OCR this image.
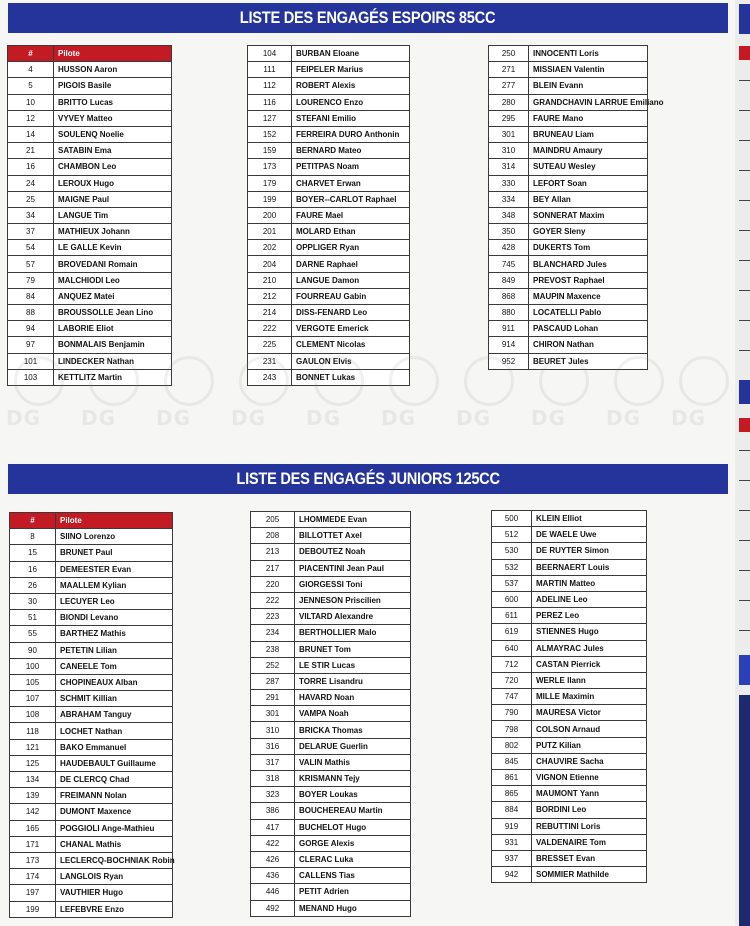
LISTE DES ENGAGÉS ESPOIRS 85CC
#	Pilote
4	HUSSON Aaron
5	PIGOIS Basile
10	BRITTO Lucas
12	VYVEY Matteo
14	SOULENQ Noelie
21	SATABIN Ema
16	CHAMBON Leo
24	LEROUX Hugo
25	MAIGNE Paul
34	LANGUE Tim
37	MATHIEUX Johann
54	LE GALLE Kevin
57	BROVEDANI Romain
79	MALCHIODI Leo
84	ANQUEZ Matei
88	BROUSSOLLE Jean Lino
94	LABORIE Eliot
97	BONMALAIS Benjamin
101	LINDECKER Nathan
103	KETTLITZ Martin
104	BURBAN Eloane
111	FEIPELER Marius
112	ROBERT Alexis
116	LOURENCO Enzo
127	STEFANI Emilio
152	FERREIRA DURO Anthonin
159	BERNARD Mateo
173	PETITPAS Noam
179	CHARVET Erwan
199	BOYER--CARLOT Raphael
200	FAURE Mael
201	MOLARD Ethan
202	OPPLIGER Ryan
204	DARNE Raphael
210	LANGUE Damon
212	FOURREAU Gabin
214	DISS-FENARD Leo
222	VERGOTE Emerick
225	CLEMENT Nicolas
231	GAULON Elvis
243	BONNET Lukas
250	INNOCENTI Loris
271	MISSIAEN Valentin
277	BLEIN Evann
280	GRANDCHAVIN LARRUE Emiliano
295	FAURE Mano
301	BRUNEAU Liam
310	MAINDRU Amaury
314	SUTEAU Wesley
330	LEFORT Soan
334	BEY Allan
348	SONNERAT Maxim
350	GOYER Sleny
428	DUKERTS Tom
745	BLANCHARD Jules
849	PREVOST Raphael
868	MAUPIN Maxence
880	LOCATELLI Pablo
911	PASCAUD Lohan
914	CHIRON Nathan
952	BEURET Jules
DG DG DG DG DG DG DG DG DG DG
LISTE DES ENGAGÉS JUNIORS 125CC
#	Pilote
8	SIINO Lorenzo
15	BRUNET Paul
16	DEMEESTER Evan
26	MAALLEM Kylian
30	LECUYER Leo
51	BIONDI Levano
55	BARTHEZ Mathis
90	PETETIN Lilian
100	CANEELE Tom
105	CHOPINEAUX Alban
107	SCHMIT Killian
108	ABRAHAM Tanguy
118	LOCHET Nathan
121	BAKO Emmanuel
125	HAUDEBAULT Guillaume
134	DE CLERCQ Chad
139	FREIMANN Nolan
142	DUMONT Maxence
165	POGGIOLI Ange-Mathieu
171	CHANAL Mathis
173	LECLERCQ-BOCHNIAK Robin
174	LANGLOIS Ryan
197	VAUTHIER Hugo
199	LEFEBVRE Enzo
205	LHOMMEDE Evan
208	BILLOTTET Axel
213	DEBOUTEZ Noah
217	PIACENTINI Jean Paul
220	GIORGESSI Toni
222	JENNESON Priscilien
223	VILTARD Alexandre
234	BERTHOLLIER Malo
238	BRUNET Tom
252	LE STIR Lucas
287	TORRE Lisandru
291	HAVARD Noan
301	VAMPA Noah
310	BRICKA Thomas
316	DELARUE Guerlin
317	VALIN Mathis
318	KRISMANN Tejy
323	BOYER Loukas
386	BOUCHEREAU Martin
417	BUCHELOT Hugo
422	GORGE Alexis
426	CLERAC Luka
436	CALLENS Tias
446	PETIT Adrien
492	MENAND Hugo
500	KLEIN Elliot
512	DE WAELE Uwe
530	DE RUYTER Simon
532	BEERNAERT Louis
537	MARTIN Matteo
600	ADELINE Leo
611	PEREZ Leo
619	STIENNES Hugo
640	ALMAYRAC Jules
712	CASTAN Pierrick
720	WERLE Ilann
747	MILLE Maximin
790	MAURESA Victor
798	COLSON Arnaud
802	PUTZ Kilian
845	CHAUVIRE Sacha
861	VIGNON Etienne
865	MAUMONT Yann
884	BORDINI Leo
919	REBUTTINI Loris
931	VALDENAIRE Tom
937	BRESSET Evan
942	SOMMIER Mathilde
